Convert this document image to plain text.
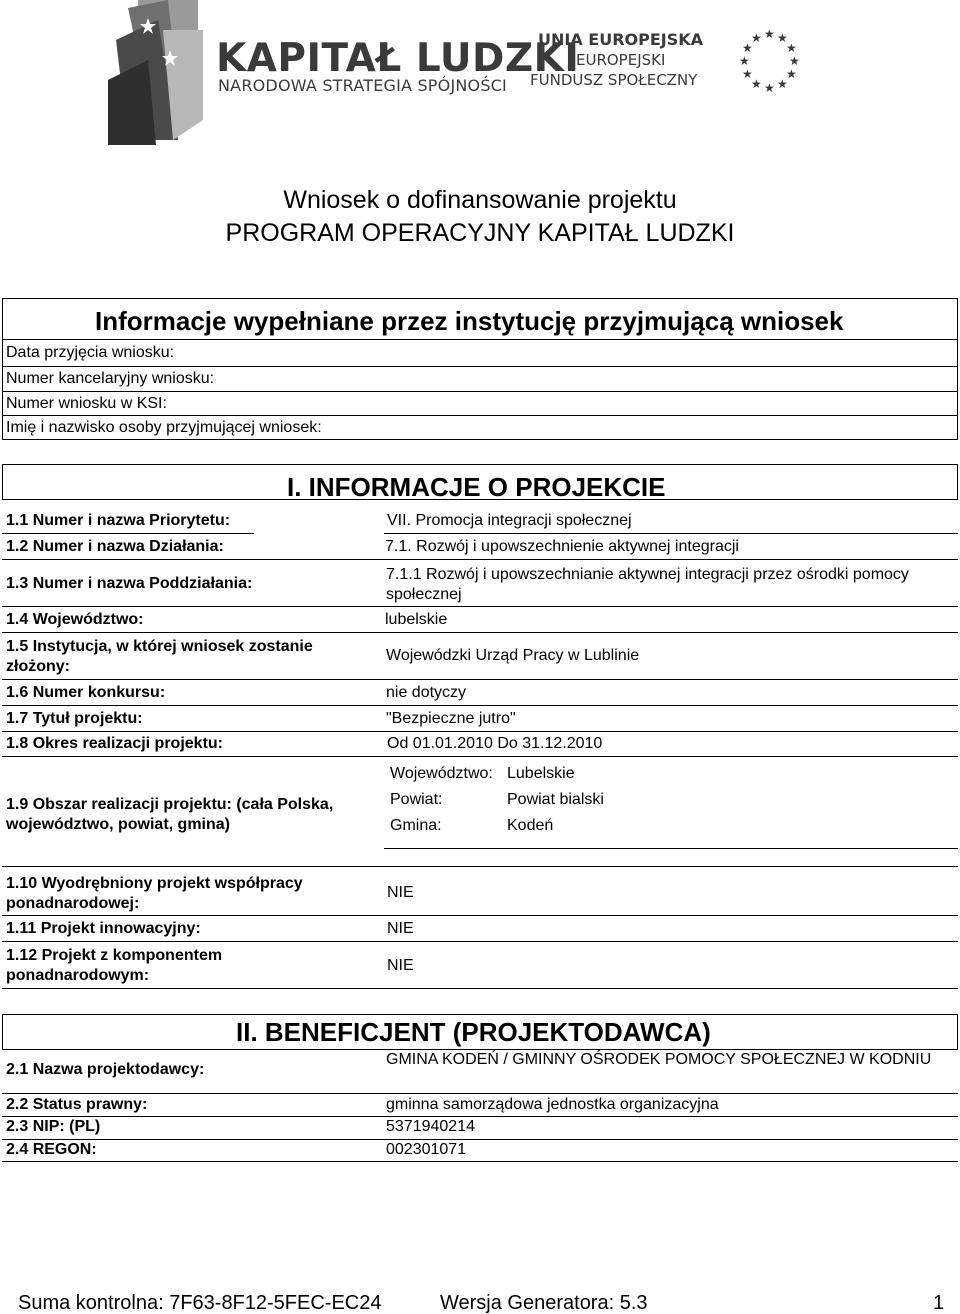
KAPITAŁ LUDZKI
NARODOWA STRATEGIA SPÓJNOŚCI
UNIA EUROPEJSKA
EUROPEJSKI
FUNDUSZ SPOŁECZNY
★ ★
★
★
★
★
★
★
★
★
★
★
Wniosek o dofinansowanie projektu
PROGRAM OPERACYJNY KAPITAŁ LUDZKI
Informacje wypełniane przez instytucję przyjmującą wniosek
Data przyjęcia wniosku:
Numer kancelaryjny wniosku:
Numer wniosku w KSI:
Imię i nazwisko osoby przyjmującej wniosek:
I. INFORMACJE O PROJEKCIE
1.1 Numer i nazwa Priorytetu:	VII. Promocja integracji społecznej
1.2 Numer i nazwa Działania:	7.1. Rozwój i upowszechnienie aktywnej integracji
1.3 Numer i nazwa Poddziałania:
7.1.1 Rozwój i upowszechnianie aktywnej integracji przez ośrodki pomocy społecznej
1.4 Województwo:	lubelskie
1.5 Instytucja, w której wniosek zostanie złożony:
Wojewódzki Urząd Pracy w Lublinie
1.6 Numer konkursu:	nie dotyczy
1.7 Tytuł projektu:	"Bezpieczne jutro"
1.8 Okres realizacji projektu:	Od 01.01.2010 Do 31.12.2010
1.9 Obszar realizacji projektu: (cała Polska, województwo, powiat, gmina)
Województwo: Lubelskie
Powiat:	Powiat bialski
Gmina:	Kodeń
1.10 Wyodrębniony projekt współpracy ponadnarodowej:
NIE
1.11 Projekt innowacyjny:	NIE
1.12 Projekt z komponentem ponadnarodowym:
NIE
II. BENEFICJENT (PROJEKTODAWCA)
2.1 Nazwa projektodawcy:
GMINA KODEŃ / GMINNY OŚRODEK POMOCY SPOŁECZNEJ W KODNIU
2.2 Status prawny:	gminna samorządowa jednostka organizacyjna
2.3 NIP: (PL)	5371940214
2.4 REGON:	002301071
Suma kontrolna: 7F63-8F12-5FEC-EC24	Wersja Generatora: 5.3	1
